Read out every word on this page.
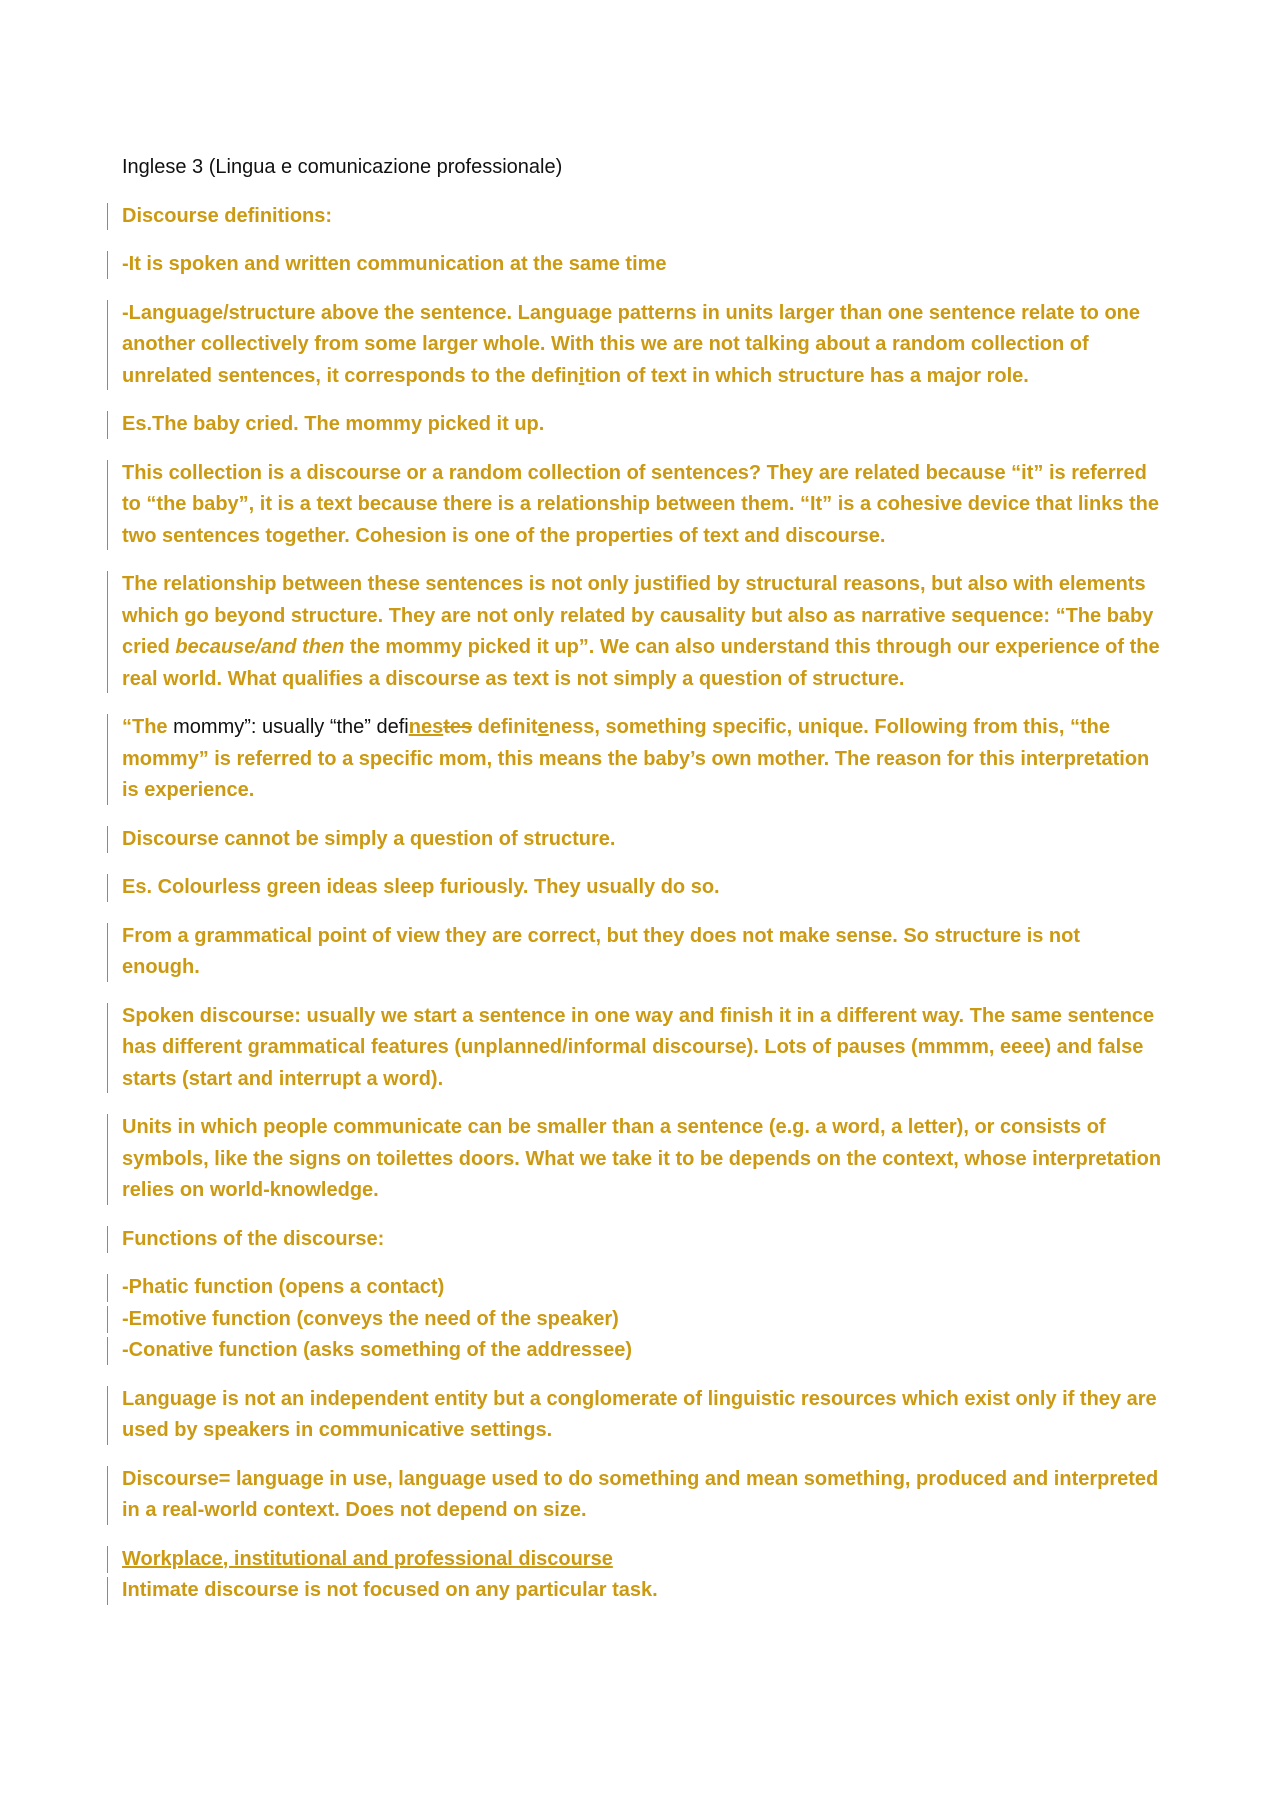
Inglese 3 (Lingua e comunicazione professionale)

Discourse definitions:

-It is spoken and written communication at the same time

-Language/structure above the sentence. Language patterns in units larger than one sentence relate to one another collectively from some larger whole. With this we are not talking about a random collection of unrelated sentences, it corresponds to the definition of text in which structure has a major role.

Es.The baby cried. The mommy picked it up.

This collection is a discourse or a random collection of sentences? They are related because “it” is referred to “the baby”, it is a text because there is a relationship between them. “It” is a cohesive device that links the two sentences together. Cohesion is one of the properties of text and discourse.

The relationship between these sentences is not only justified by structural reasons, but also with elements which go beyond structure. They are not only related by causality but also as narrative sequence: “The baby cried because/and then the mommy picked it up”. We can also understand this through our experience of the real world. What qualifies a discourse as text is not simply a question of structure.

“The mommy”: usually “the” definestes definiteness, something specific, unique. Following from this, “the mommy” is referred to a specific mom, this means the baby’s own mother. The reason for this interpretation is experience.

Discourse cannot be simply a question of structure.

Es. Colourless green ideas sleep furiously. They usually do so.

From a grammatical point of view they are correct, but they does not make sense. So structure is not enough.

Spoken discourse: usually we start a sentence in one way and finish it in a different way. The same sentence has different grammatical features (unplanned/informal discourse). Lots of pauses (mmmm, eeee) and false starts (start and interrupt a word).

Units in which people communicate can be smaller than a sentence (e.g. a word, a letter), or consists of symbols, like the signs on toilettes doors. What we take it to be depends on the context, whose interpretation relies on world-knowledge.

Functions of the discourse:

-Phatic function (opens a contact)

-Emotive function (conveys the need of the speaker)

-Conative function (asks something of the addressee)

Language is not an independent entity but a conglomerate of linguistic resources which exist only if they are used by speakers in communicative settings.

Discourse= language in use, language used to do something and mean something, produced and interpreted in a real-world context. Does not depend on size.

Workplace, institutional and professional discourse

Intimate discourse is not focused on any particular task.
